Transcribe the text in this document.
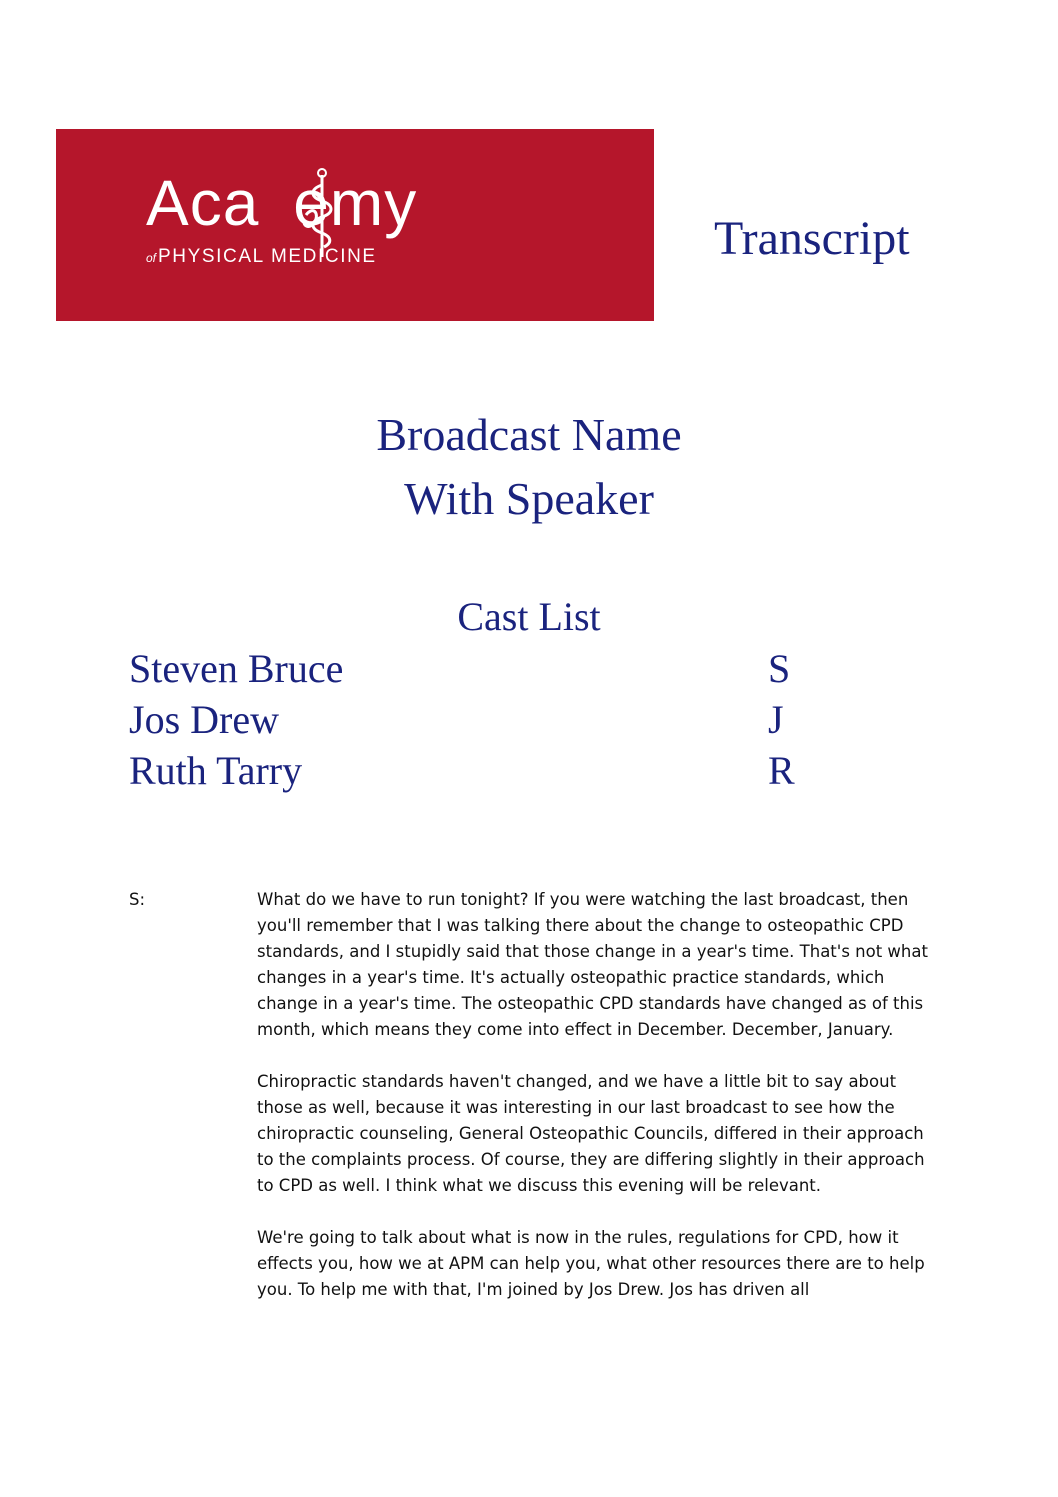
Aca emy
of PHYSICAL MEDICINE	Transcript
Broadcast Name
With Speaker
Cast List
Steven Bruce	S
Jos Drew	J
Ruth Tarry	R
S:	What do we have to run tonight? If you were watching the last broadcast, then you'll remember that I was talking there about the change to osteopathic CPD standards, and I stupidly said that those change in a year's time. That's not what changes in a year's time. It's actually osteopathic practice standards, which change in a year's time. The osteopathic CPD standards have changed as of this month, which means they come into effect in December. December, January.

Chiropractic standards haven't changed, and we have a little bit to say about those as well, because it was interesting in our last broadcast to see how the chiropractic counseling, General Osteopathic Councils, differed in their approach to the complaints process. Of course, they are differing slightly in their approach to CPD as well. I think what we discuss this evening will be relevant.

We're going to talk about what is now in the rules, regulations for CPD, how it effects you, how we at APM can help you, what other resources there are to help you. To help me with that, I'm joined by Jos Drew. Jos has driven all
